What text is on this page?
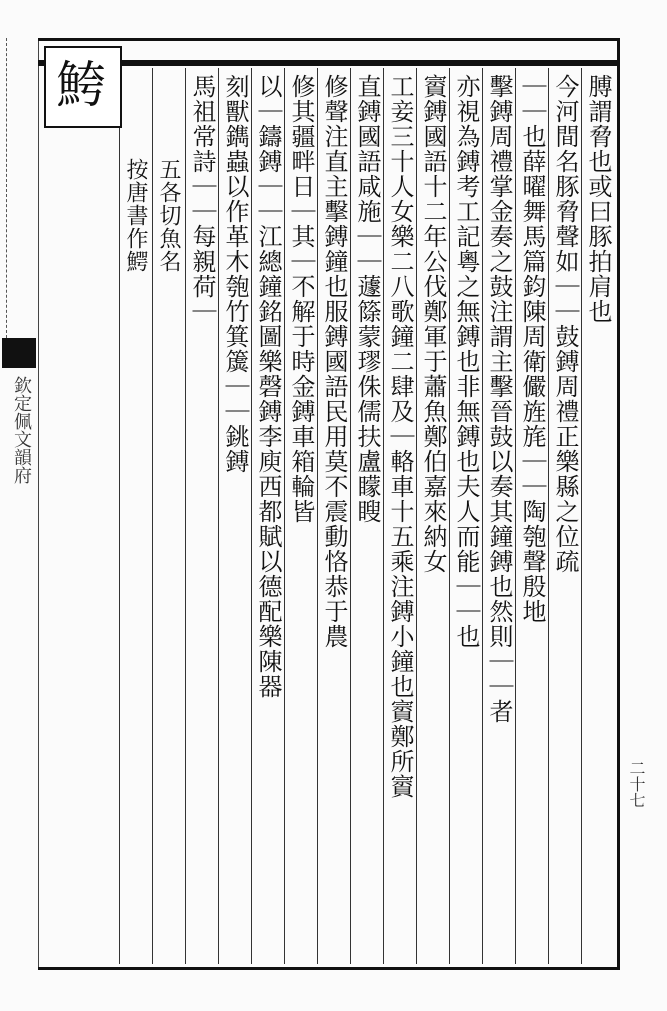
欽定佩文韻府
膊謂脅也或曰豚拍肩也
今河間名豚脅聲如｜｜鼓鎛周禮正樂縣之位疏
｜｜也薛曜舞馬篇鈞陳周衛儼旌旄｜｜陶匏聲殷地
擊鎛周禮掌金奏之鼓注謂主擊晉鼓以奏其鐘鎛也然則｜｜者
亦視為鎛考工記粵之無鎛也非無鎛也夫人而能｜｜也
賨鎛國語十二年公伐鄭軍于蕭魚鄭伯嘉來納女
工妾三十人女樂二八歌鐘二肆及｜輅車十五乘注鎛小鐘也賨鄭所賨
直鎛國語咸施｜｜蘧篨蒙璆侏儒扶盧矇瞍
修聲注直主擊鎛鐘也服鎛國語民用莫不震動恪恭于農
修其疆畔日｜其｜不解于時金鎛車箱輪皆
以｜鑄鎛｜｜江總鐘銘圖樂磬鎛李庾西都賦以德配樂陳器
刻獸鐫蟲以作革木匏竹箕簴｜｜銚鎛
馬祖常詩｜｜每親荷｜
五各切魚名
按唐書作鰐
鮬
二十七
